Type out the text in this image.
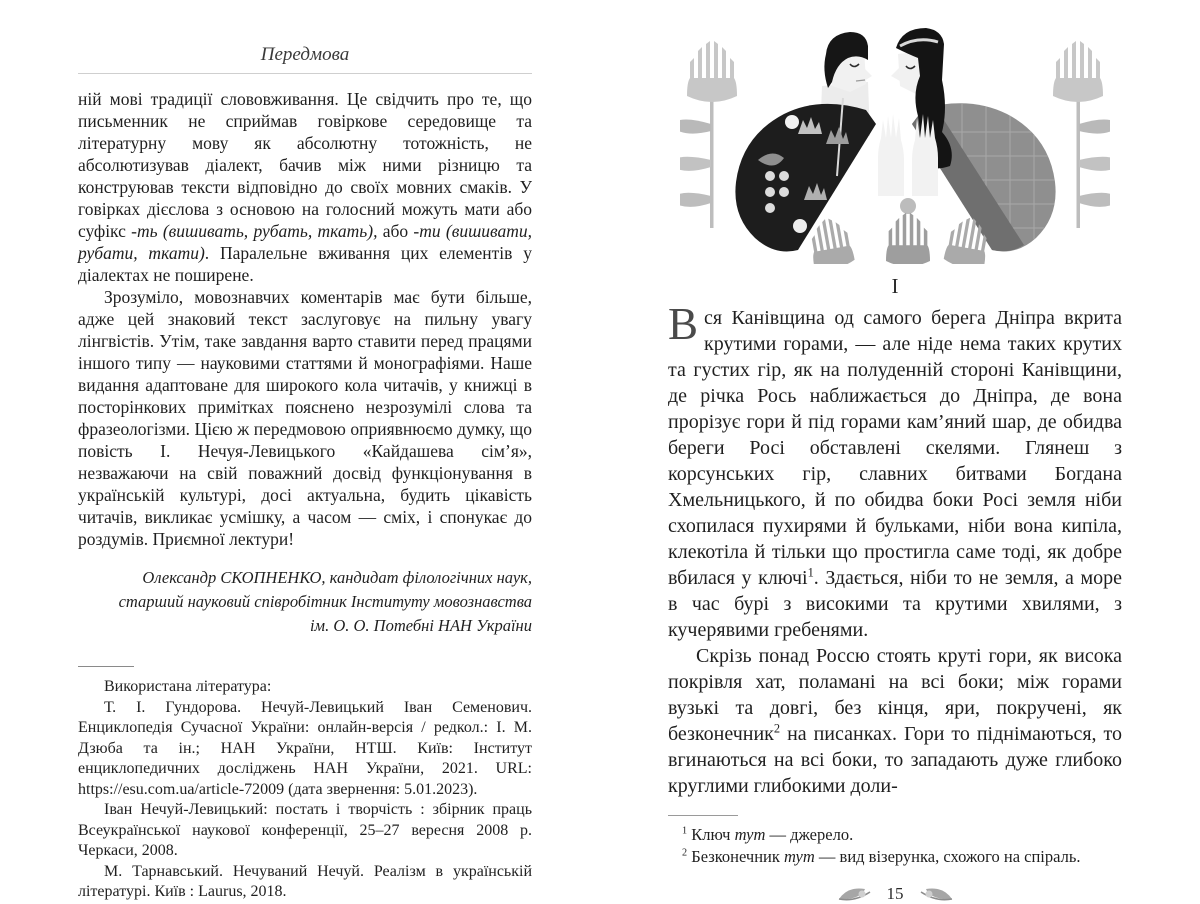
Передмова

ній мові традиції слововживання. Це свідчить про те, що письменник не сприймав говіркове середовище та літературну мову як абсолютну тотожність, не абсолютизував діалект, бачив між ними різницю та конструював тексти відповідно до своїх мовних смаків. У говірках дієслова з основою на голосний можуть мати або суфікс -ть (вишивать, рубать, ткать), або -ти (вишивати, рубати, ткати). Паралельне вживання цих елементів у діалектах не поширене.

Зрозуміло, мовознавчих коментарів має бути більше, адже цей знаковий текст заслуговує на пильну увагу лінгвістів. Утім, таке завдання варто ставити перед працями іншого типу — науковими статтями й монографіями. Наше видання адаптоване для широкого кола читачів, у книжці в посторінкових примітках пояснено незрозумілі слова та фразеологізми. Цією ж передмовою оприявнюємо думку, що повість І. Нечуя-Левицького «Кайдашева сім’я», незважаючи на свій поважний досвід функціонування в українській культурі, досі актуальна, будить цікавість читачів, викликає усмішку, а часом — сміх, і спонукає до роздумів. Приємної лектури!

Олександр СКОПНЕНКО, кандидат філологічних наук,

старший науковий співробітник Інституту мовознавства

ім. О. О. Потебні НАН України

Використана література:

Т. І. Гундорова. Нечуй-Левицький Іван Семенович. Енциклопедія Сучасної України: онлайн-версія / редкол.: І. М. Дзюба та ін.; НАН України, НТШ. Київ: Інститут енциклопедичних досліджень НАН України, 2021. URL: https://esu.com.ua/article-72009 (дата звернення: 5.01.2023).

Іван Нечуй-Левицький: постать і творчість : збірник праць Всеукраїнської наукової конференції, 25–27 вересня 2008 р. Черкаси, 2008.

М. Тарнавський. Нечуваний Нечуй. Реалізм в українській літературі. Київ : Laurus, 2018.

I

Вся Канівщина од самого берега Дніпра вкрита крутими горами, — але ніде нема таких крутих та густих гір, як на полуденній стороні Канівщини, де річка Рось наближається до Дніпра, де вона прорізує гори й під горами кам’яний шар, де обидва береги Росі обставлені скелями. Глянеш з корсунських гір, славних битвами Богдана Хмельницького, й по обидва боки Росі земля ніби схопилася пухирями й бульками, ніби вона кипіла, клекотіла й тільки що простигла саме тоді, як добре вбилася у ключі$^1$. Здається, ніби то не земля, а море в час бурі з високими та крутими хвилями, з кучерявими гребенями.

Скрізь понад Россю стоять круті гори, як висока покрівля хат, поламані на всі боки; між горами вузькі та довгі, без кінця, яри, покручені, як безконечник$^2$ на писанках. Гори то піднімаються, то вгинаються на всі боки, то западають дуже глибоко круглими глибокими доли-

$^1$ Ключ тут — джерело.

$^2$ Безконечник тут — вид візерунка, схожого на спіраль.

15
